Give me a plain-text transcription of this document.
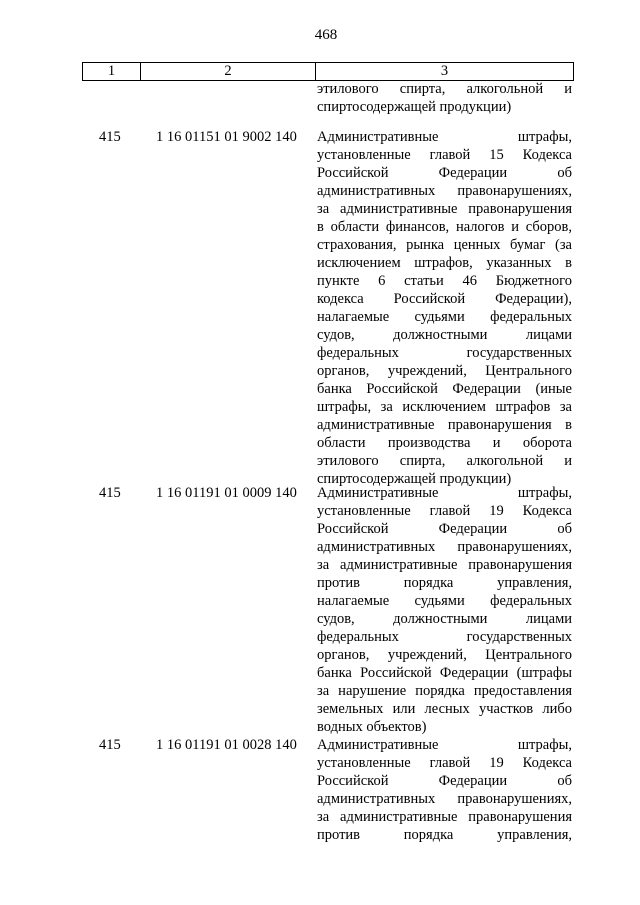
468
1	2	3
этилового спирта, алкогольной и
спиртосодержащей продукции)
415 1 16 01151 01 9002 140 Административные штрафы,
установленные главой 15 Кодекса
Российской Федерации об
административных правонарушениях,
за административные правонарушения
в области финансов, налогов и сборов,
страхования, рынка ценных бумаг (за
исключением штрафов, указанных в
пункте 6 статьи 46 Бюджетного
кодекса Российской Федерации),
налагаемые судьями федеральных
судов, должностными лицами
федеральных государственных
органов, учреждений, Центрального
банка Российской Федерации (иные
штрафы, за исключением штрафов за
административные правонарушения в
области производства и оборота
этилового спирта, алкогольной и
спиртосодержащей продукции)
415 1 16 01191 01 0009 140 Административные штрафы,
установленные главой 19 Кодекса
Российской Федерации об
административных правонарушениях,
за административные правонарушения
против порядка управления,
налагаемые судьями федеральных
судов, должностными лицами
федеральных государственных
органов, учреждений, Центрального
банка Российской Федерации (штрафы
за нарушение порядка предоставления
земельных или лесных участков либо
водных объектов)
415 1 16 01191 01 0028 140 Административные штрафы,
установленные главой 19 Кодекса
Российской Федерации об
административных правонарушениях,
за административные правонарушения
против порядка управления,
